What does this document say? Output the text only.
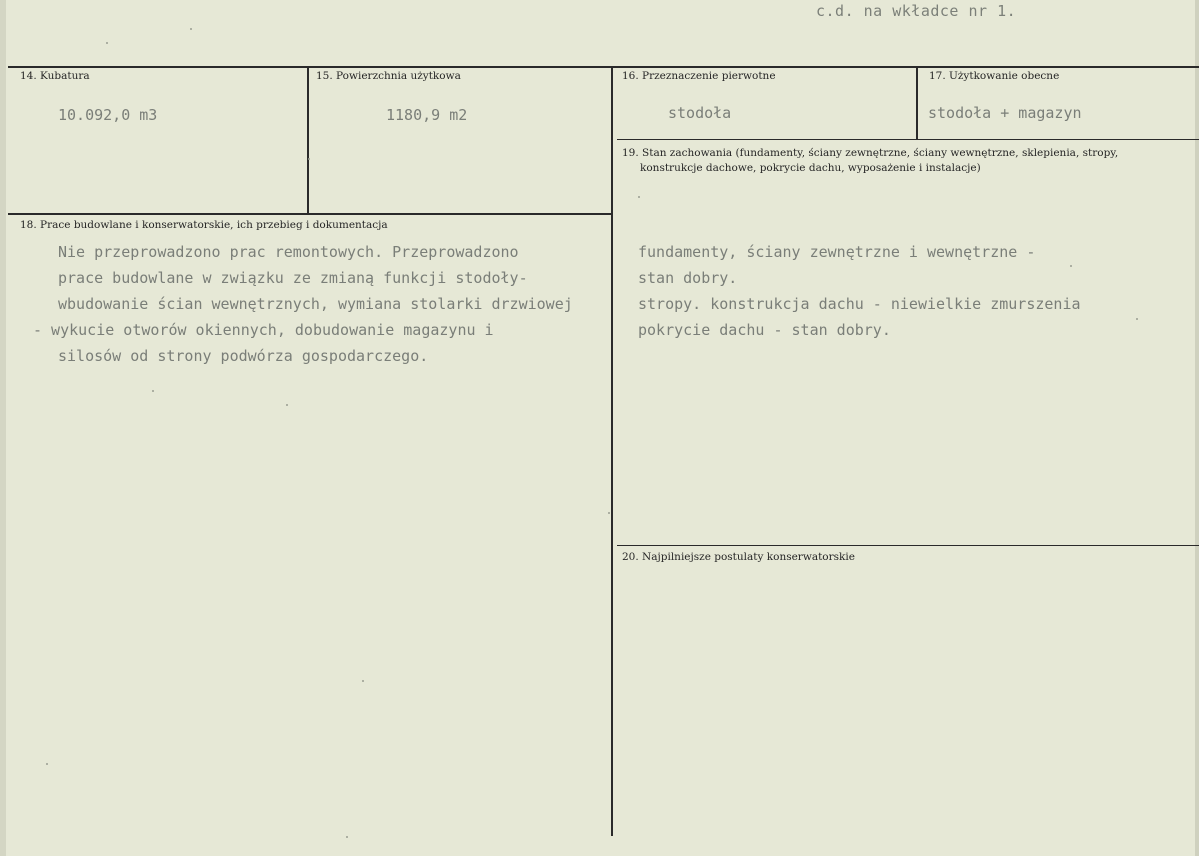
c.d. na wkładce nr 1.
14. Kubatura
10.092,0 m3
15. Powierzchnia użytkowa
1180,9 m2
16. Przeznaczenie pierwotne
stodoła
17. Użytkowanie obecne
stodoła + magazyn
19. Stan zachowania (fundamenty, ściany zewnętrzne, ściany wewnętrzne, sklepienia, stropy,
konstrukcje dachowe, pokrycie dachu, wyposażenie i instalacje)
18. Prace budowlane i konserwatorskie, ich przebieg i dokumentacja
Nie przeprowadzono prac remontowych. Przeprowadzono
prace budowlane w związku ze zmianą funkcji stodoły-
wbudowanie ścian wewnętrznych, wymiana stolarki drzwiowej
- wykucie otworów okiennych, dobudowanie magazynu i
silosów od strony podwórza gospodarczego.
fundamenty, ściany zewnętrzne i wewnętrzne -
stan dobry.
stropy. konstrukcja dachu - niewielkie zmurszenia
pokrycie dachu - stan dobry.
20. Najpilniejsze postulaty konserwatorskie
